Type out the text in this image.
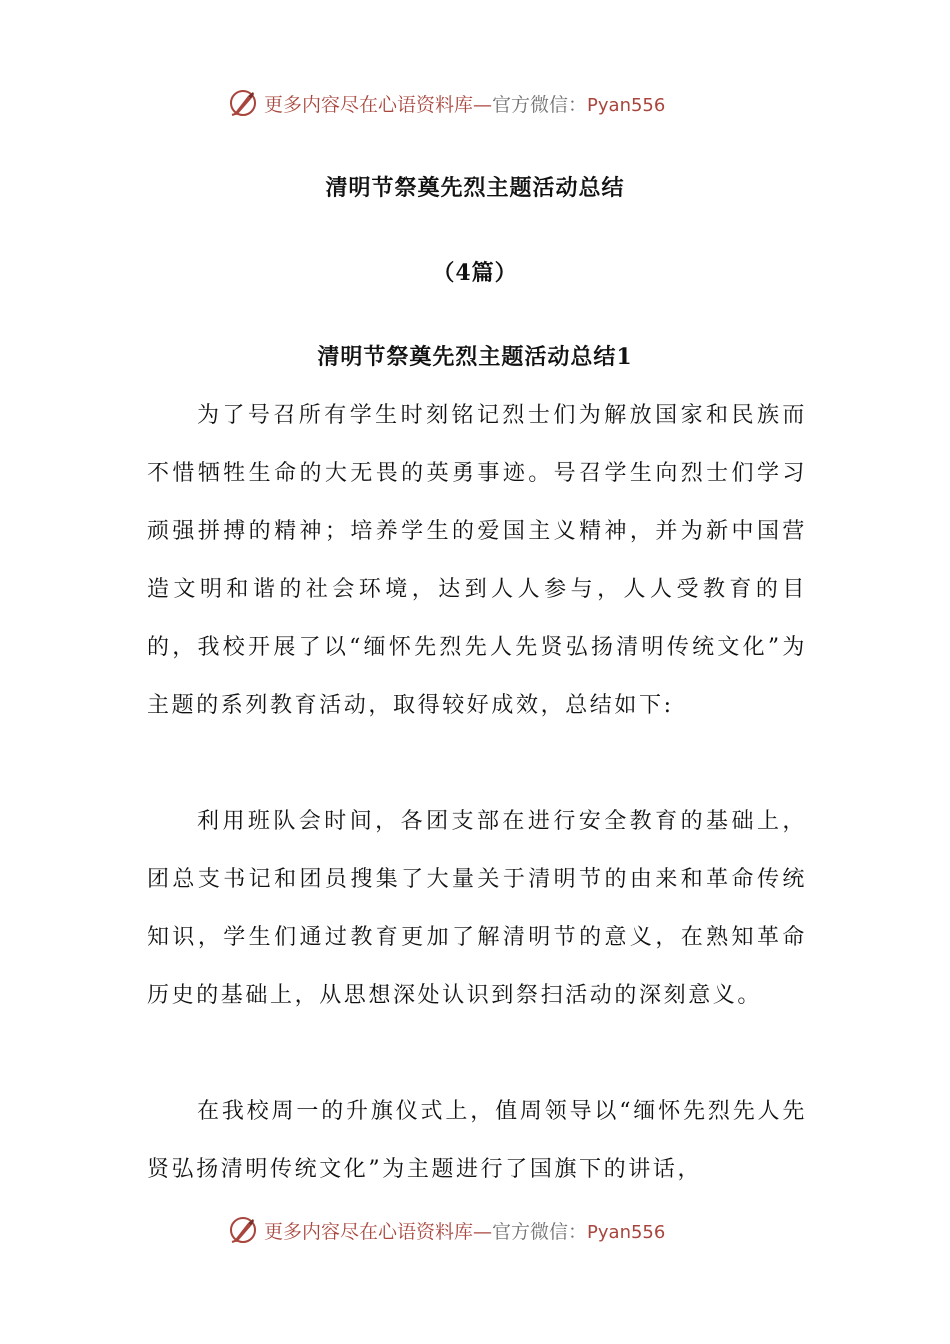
更多内容尽在心语资料库—官方微信：Pyan556
清明节祭奠先烈主题活动总结
（4篇）
清明节祭奠先烈主题活动总结1

为了号召所有学生时刻铭记烈士们为解放国家和民族而不惜牺牲生命的大无畏的英勇事迹。号召学生向烈士们学习顽强拼搏的精神；培养学生的爱国主义精神，并为新中国营造文明和谐的社会环境，达到人人参与，人人受教育的目的，我校开展了以“缅怀先烈先人先贤弘扬清明传统文化”为主题的系列教育活动，取得较好成效，总结如下:

利用班队会时间，各团支部在进行安全教育的基础上，团总支书记和团员搜集了大量关于清明节的由来和革命传统知识，学生们通过教育更加了解清明节的意义，在熟知革命历史的基础上，从思想深处认识到祭扫活动的深刻意义。

在我校周一的升旗仪式上，值周领导以“缅怀先烈先人先贤弘扬清明传统文化”为主题进行了国旗下的讲话，

更多内容尽在心语资料库—官方微信：Pyan556
